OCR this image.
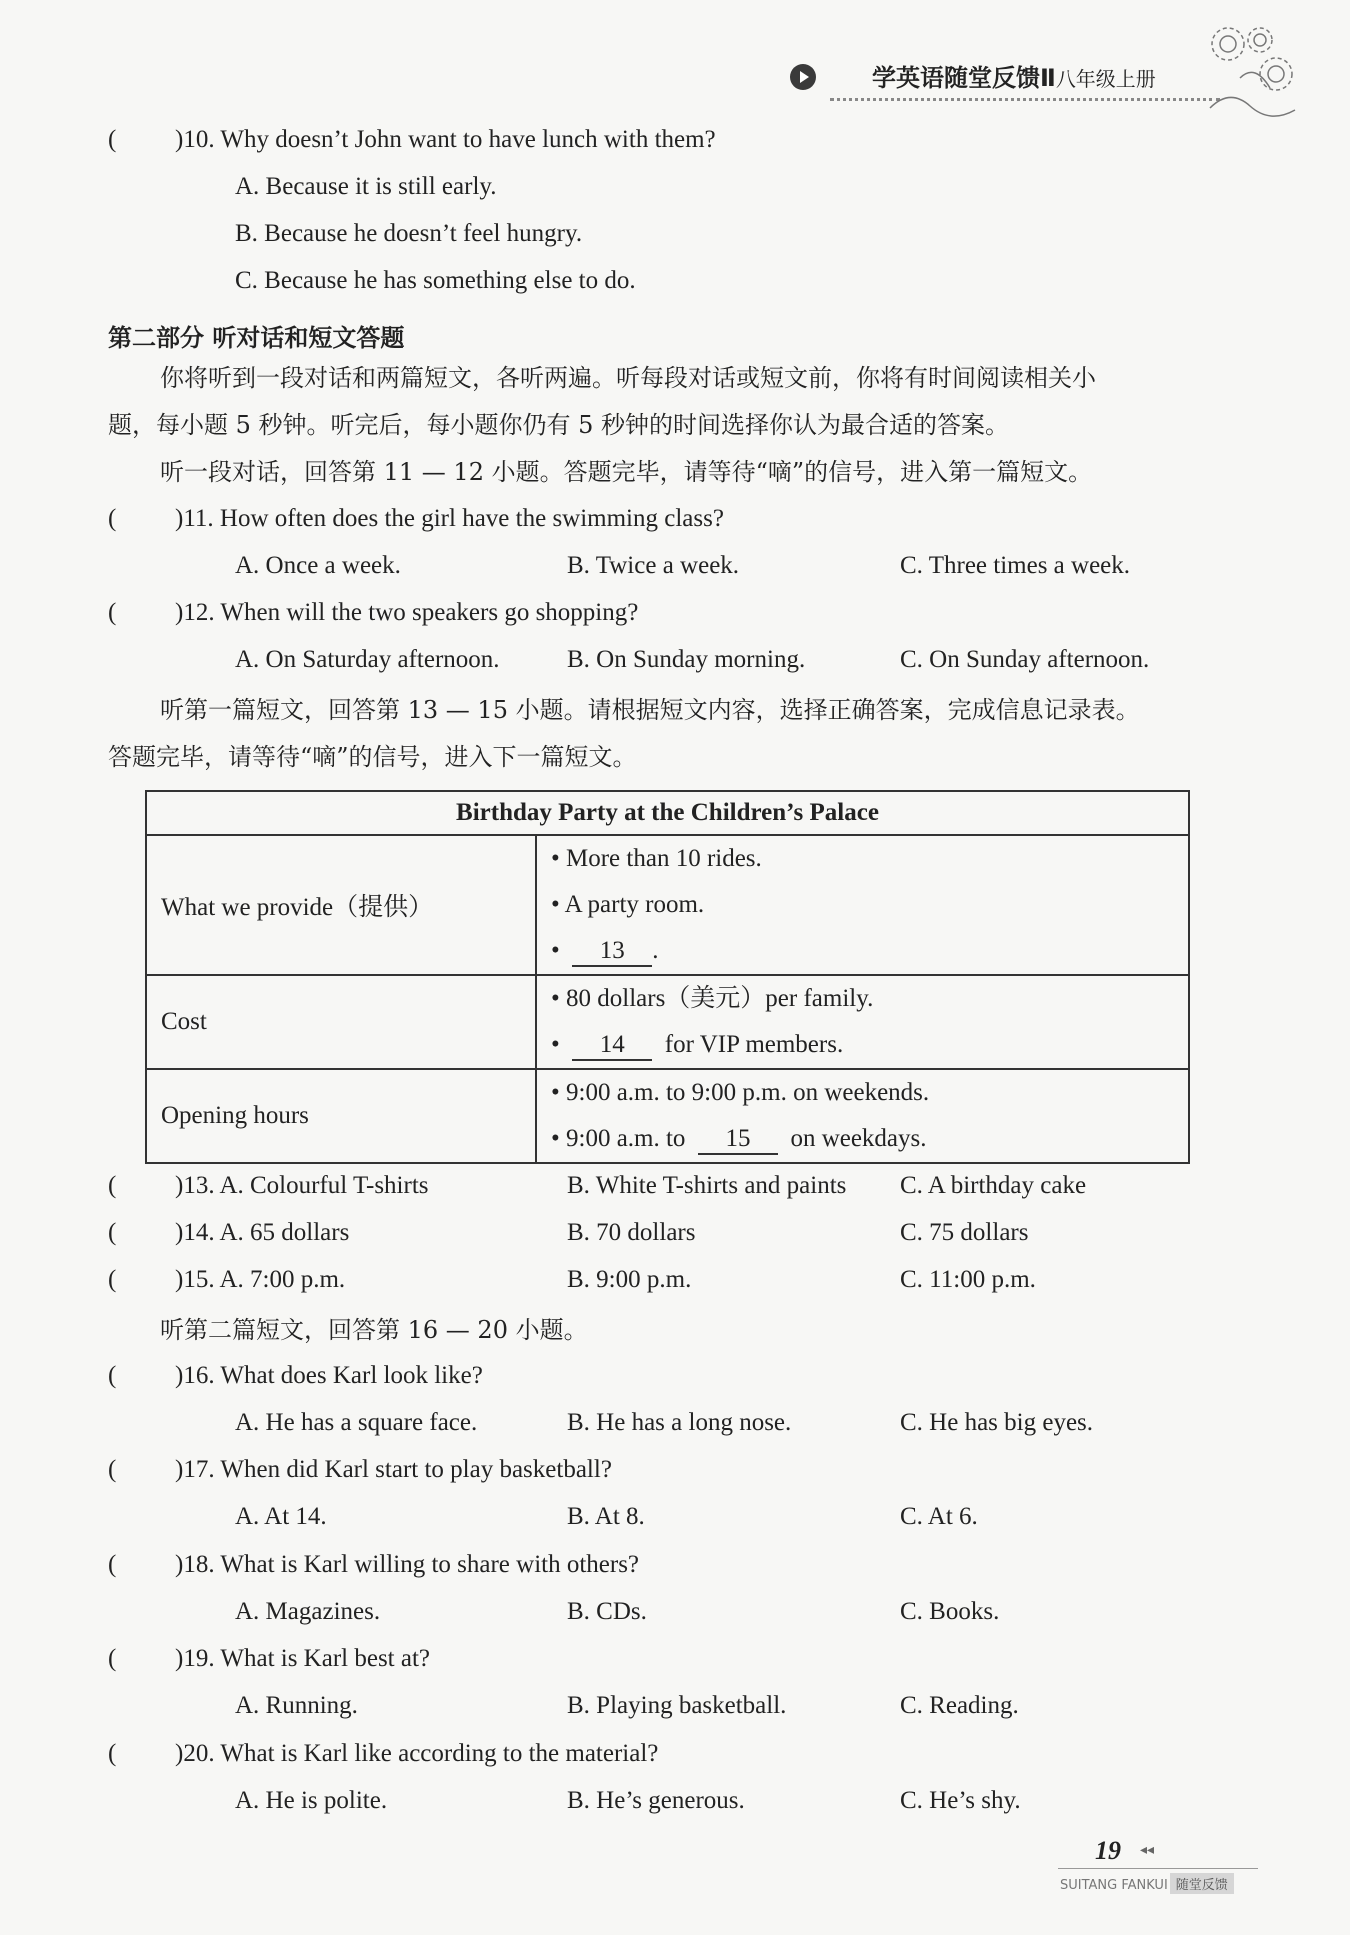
学英语随堂反馈Ⅱ八年级上册
( )10. Why doesn’t John want to have lunch with them?
A. Because it is still early.
B. Because he doesn’t feel hungry.
C. Because he has something else to do.
第二部分 听对话和短文答题
你将听到一段对话和两篇短文，各听两遍。听每段对话或短文前，你将有时间阅读相关小
题，每小题 5 秒钟。听完后，每小题你仍有 5 秒钟的时间选择你认为最合适的答案。
听一段对话，回答第 11 — 12 小题。答题完毕，请等待“嘀”的信号，进入第一篇短文。
( )11. How often does the girl have the swimming class?
A. Once a week.	B. Twice a week.	C. Three times a week.
( )12. When will the two speakers go shopping?
A. On Saturday afternoon.	B. On Sunday morning.	C. On Sunday afternoon.
听第一篇短文，回答第 13 — 15 小题。请根据短文内容，选择正确答案，完成信息记录表。
答题完毕，请等待“嘀”的信号，进入下一篇短文。
Birthday Party at the Children’s Palace	
What we provide（提供）	• More than 10 rides.
• A party room.
• 13 .

Cost	• 80 dollars（美元）per family.
• 14 for VIP members.

Opening hours	• 9:00 a.m. to 9:00 p.m. on weekends.
• 9:00 a.m. to 15 on weekdays.
( )13. A. Colourful T-shirts	B. White T-shirts and paints C. A birthday cake
( )14. A. 65 dollars	B. 70 dollars	C. 75 dollars
( )15. A. 7:00 p.m.	B. 9:00 p.m.	C. 11:00 p.m.
听第二篇短文，回答第 16 — 20 小题。
( )16. What does Karl look like?
A. He has a square face.	B. He has a long nose.	C. He has big eyes.
( )17. When did Karl start to play basketball?
A. At 14.	B. At 8.	C. At 6.
( )18. What is Karl willing to share with others?
A. Magazines.	B. CDs.	C. Books.
( )19. What is Karl best at?
A. Running.	B. Playing basketball.	C. Reading.
( )20. What is Karl like according to the material?
A. He is polite.	B. He’s generous.	C. He’s shy.
19 ◂◂
SUITANG FANKUI 随堂反馈
